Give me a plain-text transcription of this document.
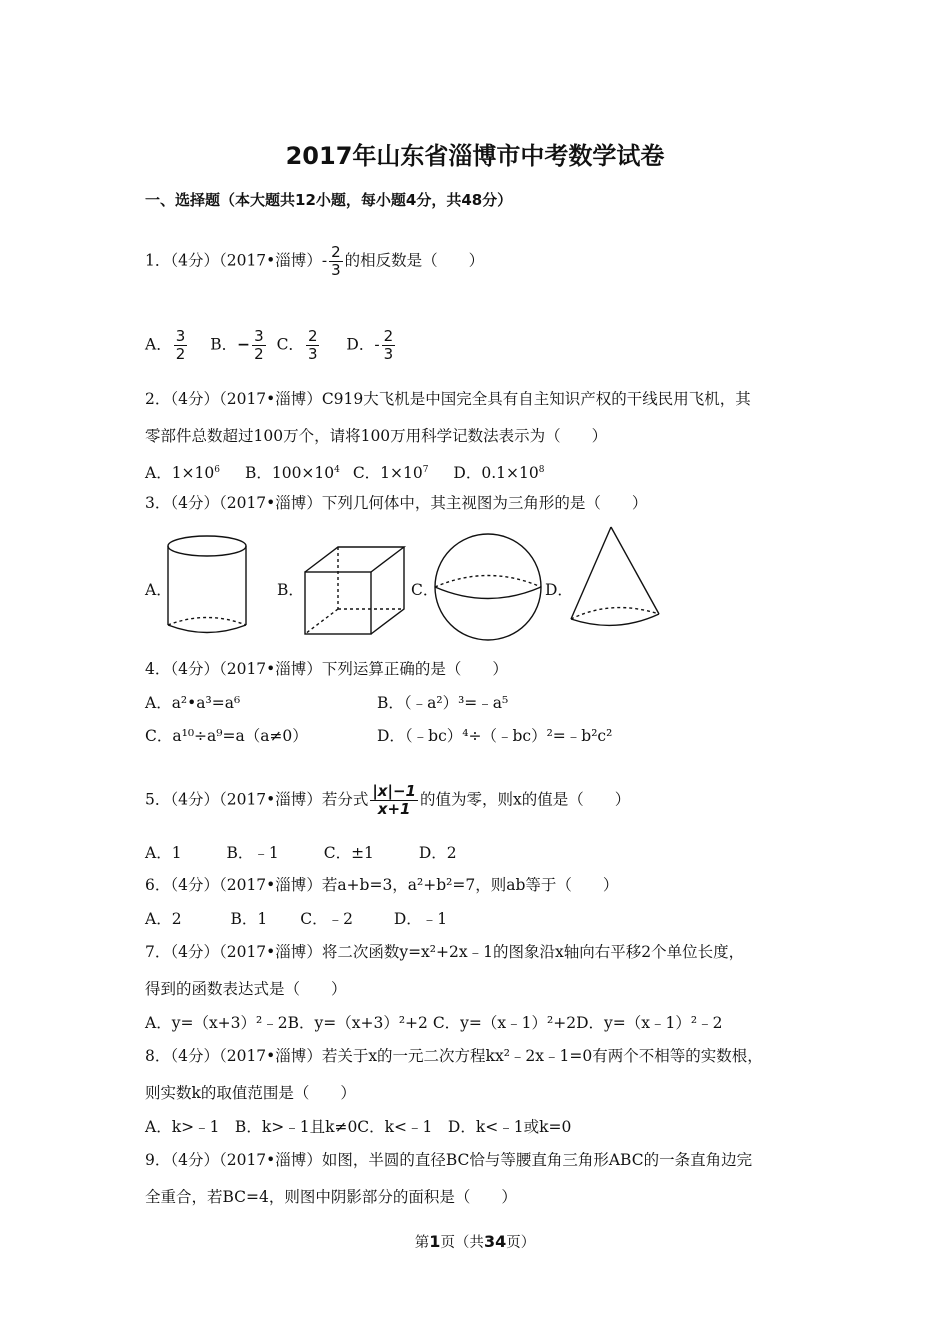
2017年山东省淄博市中考数学试卷
一、选择题（本大题共12小题，每小题4分，共48分）
1．（4分）（2017•淄博）- $\frac{2}{3}$ 的相反数是（　　）
A． $\frac{3}{2}$ B．− $\frac{3}{2}$ C． $\frac{2}{3}$ D．- $\frac{2}{3}$
2．（4分）（2017•淄博）C919大飞机是中国完全具有自主知识产权的干线民用飞机，其
零部件总数超过100万个，请将100万用科学记数法表示为（　　）
A．$1\times 10^6$ B．$100\times 10^4$ C．$1\times 10^7$ D．$0.1\times 10^8$
3．（4分）（2017•淄博）下列几何体中，其主视图为三角形的是（　　）
A．	B．	C．	D．
4．（4分）（2017•淄博）下列运算正确的是（　　）
A．a²•a³=a⁶	B．（﹣a²）³=﹣a⁵
C．a¹⁰÷a⁹=a（a≠0）	D．（﹣bc）⁴÷（﹣bc）²=﹣b²c²
5．（4分）（2017•淄博）若分式 $\frac{|x|-1}{x+1}$ 的值为零，则x的值是（　　）
A．1	B．﹣1	C．±1	D．2
6．（4分）（2017•淄博）若a+b=3，a²+b²=7，则ab等于（　　）
A．2	B．1 C．﹣2	D．﹣1
7．（4分）（2017•淄博）将二次函数y=x²+2x﹣1的图象沿x轴向右平移2个单位长度，
得到的函数表达式是（　　）
A．y=（x+3）²﹣2B．y=（x+3）²+2 C．y=（x﹣1）²+2D．y=（x﹣1）²﹣2
8．（4分）（2017•淄博）若关于x的一元二次方程kx²﹣2x﹣1=0有两个不相等的实数根，
则实数k的取值范围是（　　）
A．k>﹣1　B．k>﹣1且k≠0C．k<﹣1　D．k<﹣1或k=0
9．（4分）（2017•淄博）如图，半圆的直径BC恰与等腰直角三角形ABC的一条直角边完
全重合，若BC=4，则图中阴影部分的面积是（　　）
第1页（共34页）
